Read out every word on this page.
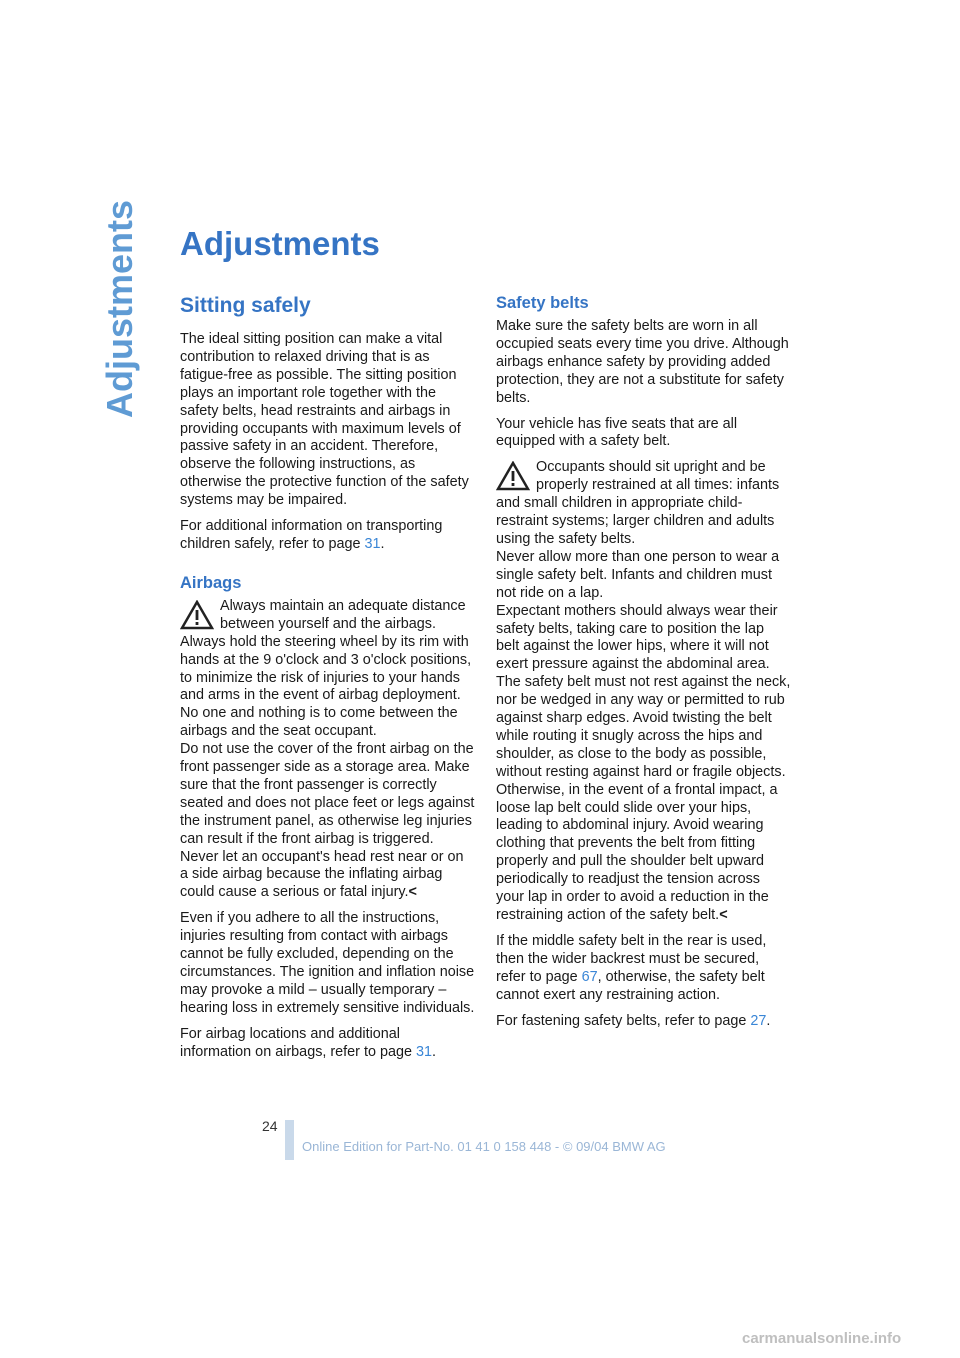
Adjustments Adjustments
Sitting safely

The ideal sitting position can make a vital contribution to relaxed driving that is as fatigue-free as possible. The sitting position plays an important role together with the safety belts, head restraints and airbags in providing occupants with maximum levels of passive safety in an accident. Therefore, observe the following instructions, as otherwise the protective function of the safety systems may be impaired.

For additional information on transporting children safely, refer to page 31.

Airbags

Always maintain an adequate distance between yourself and the airbags. Always hold the steering wheel by its rim with hands at the 9 o'clock and 3 o'clock positions, to minimize the risk of injuries to your hands and arms in the event of airbag deployment.

No one and nothing is to come between the airbags and the seat occupant.

Do not use the cover of the front airbag on the front passenger side as a storage area. Make sure that the front passenger is correctly seated and does not place feet or legs against the instrument panel, as otherwise leg injuries can result if the front airbag is triggered. Never let an occupant's head rest near or on a side airbag because the inflating airbag could cause a serious or fatal injury.<

Even if you adhere to all the instructions, injuries resulting from contact with airbags cannot be fully excluded, depending on the circumstances. The ignition and inflation noise may provoke a mild – usually temporary – hearing loss in extremely sensitive individuals.

For airbag locations and additional information on airbags, refer to page 31.

Safety belts

Make sure the safety belts are worn in all occupied seats every time you drive. Although airbags enhance safety by providing added protection, they are not a substitute for safety belts.

Your vehicle has five seats that are all equipped with a safety belt.

Occupants should sit upright and be properly restrained at all times: infants and small children in appropriate child-restraint systems; larger children and adults using the safety belts.

Never allow more than one person to wear a single safety belt. Infants and children must not ride on a lap.

Expectant mothers should always wear their safety belts, taking care to position the lap belt against the lower hips, where it will not exert pressure against the abdominal area. The safety belt must not rest against the neck, nor be wedged in any way or permitted to rub against sharp edges. Avoid twisting the belt while routing it snugly across the hips and shoulder, as close to the body as possible, without resting against hard or fragile objects. Otherwise, in the event of a frontal impact, a loose lap belt could slide over your hips, leading to abdominal injury. Avoid wearing clothing that prevents the belt from fitting properly and pull the shoulder belt upward periodically to readjust the tension across your lap in order to avoid a reduction in the restraining action of the safety belt.<

If the middle safety belt in the rear is used, then the wider backrest must be secured, refer to page 67, otherwise, the safety belt cannot exert any restraining action.

For fastening safety belts, refer to page 27.

24
Online Edition for Part-No. 01 41 0 158 448 - © 09/04 BMW AG
carmanualsonline.info
